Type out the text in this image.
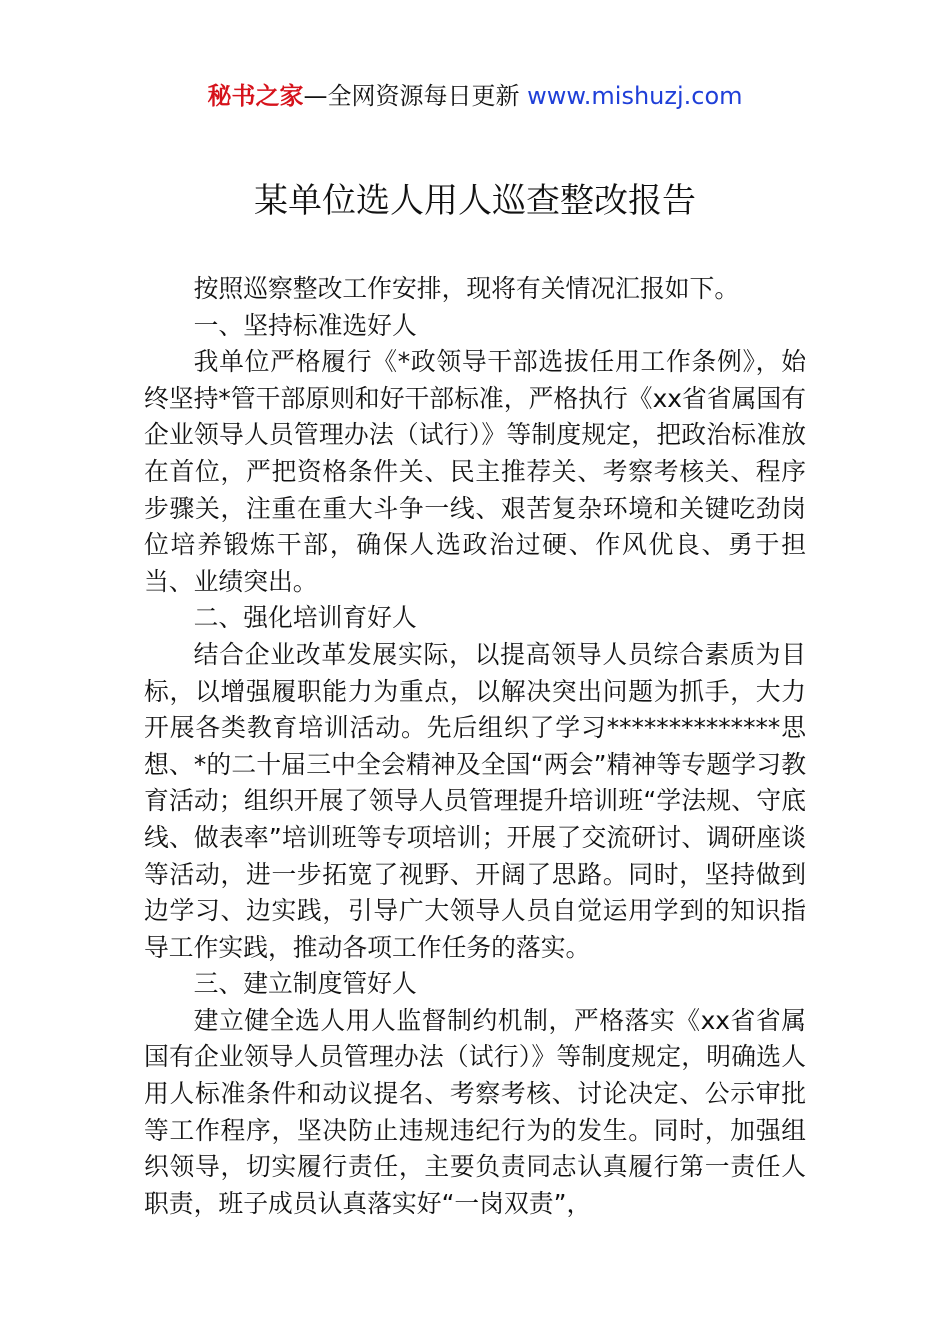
秘书之家—全网资源每日更新 www.mishuzj.com
某单位选人用人巡查整改报告

按照巡察整改工作安排，现将有关情况汇报如下。

一、坚持标准选好人

我单位严格履行《*政领导干部选拔任用工作条例》，始终坚持*管干部原则和好干部标准，严格执行《xx省省属国有企业领导人员管理办法（试行）》等制度规定，把政治标准放在首位，严把资格条件关、民主推荐关、考察考核关、程序步骤关，注重在重大斗争一线、艰苦复杂环境和关键吃劲岗位培养锻炼干部，确保人选政治过硬、作风优良、勇于担当、业绩突出。

二、强化培训育好人

结合企业改革发展实际，以提高领导人员综合素质为目标，以增强履职能力为重点，以解决突出问题为抓手，大力开展各类教育培训活动。先后组织了学习**************思想、*的二十届三中全会精神及全国“两会”精神等专题学习教育活动；组织开展了领导人员管理提升培训班“学法规、守底线、做表率”培训班等专项培训；开展了交流研讨、调研座谈等活动，进一步拓宽了视野、开阔了思路。同时，坚持做到边学习、边实践，引导广大领导人员自觉运用学到的知识指导工作实践，推动各项工作任务的落实。

三、建立制度管好人

建立健全选人用人监督制约机制，严格落实《xx省省属国有企业领导人员管理办法（试行）》等制度规定，明确选人用人标准条件和动议提名、考察考核、讨论决定、公示审批等工作程序，坚决防止违规违纪行为的发生。同时，加强组织领导，切实履行责任，主要负责同志认真履行第一责任人职责，班子成员认真落实好“一岗双责”，
